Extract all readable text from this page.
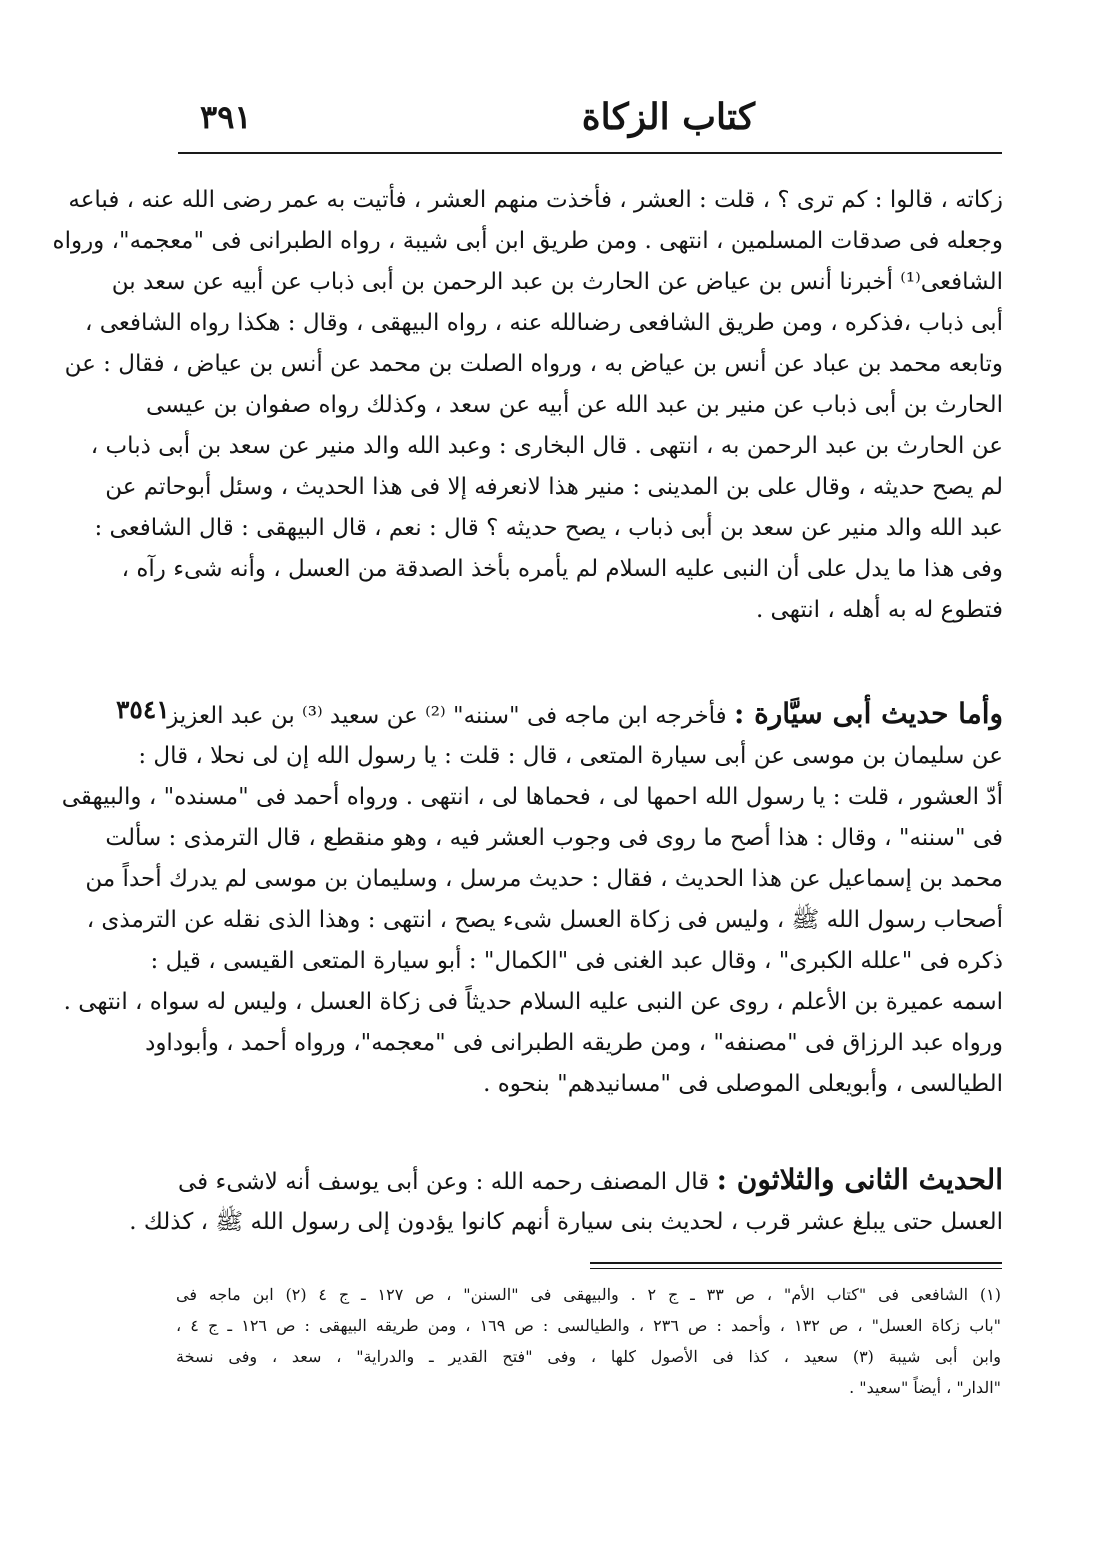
كتاب الزكاة
٣٩١
زكاته ، قالوا : كم ترى ؟ ، قلت : العشر ، فأخذت منهم العشر ، فأتيت به عمر رضى الله عنه ، فباعه
وجعله فى صدقات المسلمين ، انتهى . ومن طريق ابن أبى شيبة ، رواه الطبرانى فى "معجمه"، ورواه
الشافعى⁽¹⁾ أخبرنا أنس بن عياض عن الحارث بن عبد الرحمن بن أبى ذباب عن أبيه عن سعد بن
أبى ذباب ،فذكره ، ومن طريق الشافعى رضىالله عنه ، رواه البيهقى ، وقال : هكذا رواه الشافعى ،
وتابعه محمد بن عباد عن أنس بن عياض به ، ورواه الصلت بن محمد عن أنس بن عياض ، فقال : عن
الحارث بن أبى ذباب عن منير بن عبد الله عن أبيه عن سعد ، وكذلك رواه صفوان بن عيسى
عن الحارث بن عبد الرحمن به ، انتهى . قال البخارى : وعبد الله والد منير عن سعد بن أبى ذباب ،
لم يصح حديثه ، وقال على بن المدينى : منير هذا لانعرفه إلا فى هذا الحديث ، وسئل أبوحاتم عن
عبد الله والد منير عن سعد بن أبى ذباب ، يصح حديثه ؟ قال : نعم ، قال البيهقى : قال الشافعى :
وفى هذا ما يدل على أن النبى عليه السلام لم يأمره بأخذ الصدقة من العسل ، وأنه شىء رآه ،
فتطوع له به أهله ، انتهى .
٣٥٤١	وأما حديث أبى سيَّارة : فأخرجه ابن ماجه فى "سننه" ⁽²⁾ عن سعيد ⁽³⁾ بن عبد العزيز
عن سليمان بن موسى عن أبى سيارة المتعى ، قال : قلت : يا رسول الله إن لى نحلا ، قال :
أدّ العشور ، قلت : يا رسول الله احمها لى ، فحماها لى ، انتهى . ورواه أحمد فى "مسنده" ، والبيهقى
فى "سننه" ، وقال : هذا أصح ما روى فى وجوب العشر فيه ، وهو منقطع ، قال الترمذى : سألت
محمد بن إسماعيل عن هذا الحديث ، فقال : حديث مرسل ، وسليمان بن موسى لم يدرك أحداً من
أصحاب رسول الله ﷺ ، وليس فى زكاة العسل شىء يصح ، انتهى : وهذا الذى نقله عن الترمذى ،
ذكره فى "علله الكبرى" ، وقال عبد الغنى فى "الكمال" : أبو سيارة المتعى القيسى ، قيل :
اسمه عميرة بن الأعلم ، روى عن النبى عليه السلام حديثاً فى زكاة العسل ، وليس له سواه ، انتهى .
ورواه عبد الرزاق فى "مصنفه" ، ومن طريقه الطبرانى فى "معجمه"، ورواه أحمد ، وأبوداود
الطيالسى ، وأبويعلى الموصلى فى "مسانيدهم" بنحوه .
الحديث الثانى والثلاثون : قال المصنف رحمه الله : وعن أبى يوسف أنه لاشىء فى
العسل حتى يبلغ عشر قرب ، لحديث بنى سيارة أنهم كانوا يؤدون إلى رسول الله ﷺ ، كذلك .
(١) الشافعى فى "كتاب الأم" ، ص ٣٣ ـ ج ٢ . والبيهقى فى "السنن" ، ص ١٢٧ ـ ج ٤ (٢) ابن ماجه فى
"باب زكاة العسل" ، ص ١٣٢ ، وأحمد : ص ٢٣٦ ، والطيالسى : ص ١٦٩ ، ومن طريقه البيهقى : ص ١٢٦ ـ ج ٤ ،
وابن أبى شيبة (٣) سعيد ، كذا فى الأصول كلها ، وفى "فتح القدير ـ والدراية" ، سعد ، وفى نسخة
"الدار" ، أيضاً "سعيد" .
